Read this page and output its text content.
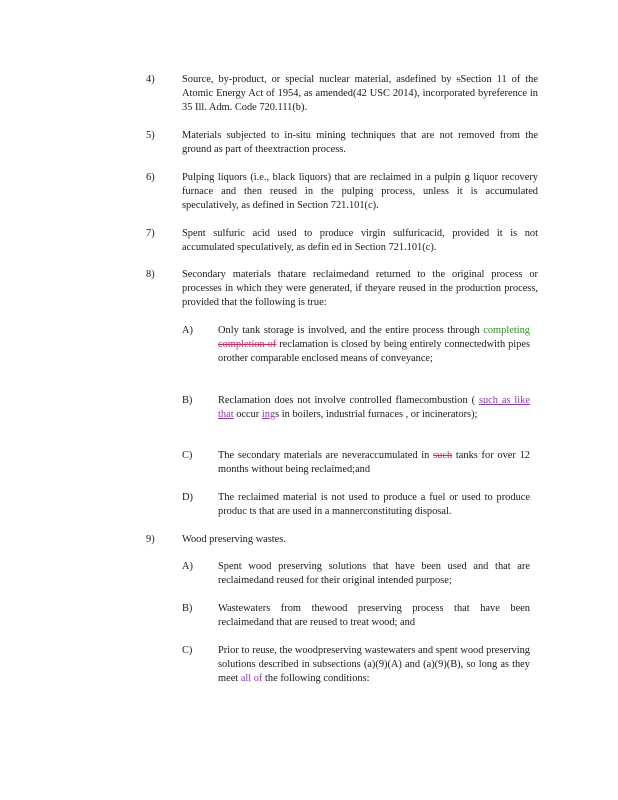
4)	Source, by-product, or special nuclear material, asdefined by sSection 11 of the Atomic Energy Act of 1954, as amended(42 USC 2014), incorporated byreference in 35 Ill. Adm. Code 720.111(b).
5)	Materials subjected to in-situ mining techniques that are not removed from the ground as part of theextraction process.
6)	Pulping liquors (i.e., black liquors) that are reclaimed in a pulpin g liquor recovery furnace and then reused in the pulping process, unless it is accumulated speculatively, as defined in Section 721.101(c).
7)	Spent sulfuric acid used to produce virgin sulfuricacid, provided it is not accumulated speculatively, as defin ed in Section 721.101(c).
8)	Secondary materials thatare reclaimedand returned to the original process or processes in which they were generated, if theyare reused in the production process, provided that the following is true:
A) Only tank storage is involved, and the entire process through completing completion of reclamation is closed by being entirely connectedwith pipes orother comparable enclosed means of conveyance;
B) Reclamation does not involve controlled flamecombustion ( such as like that occur ings in boilers, industrial furnaces , or incinerators);
C) The secondary materials are neveraccumulated in such tanks for over 12 months without being reclaimed;and
D) The reclaimed material is not used to produce a fuel or used to produce produc ts that are used in a mannerconstituting disposal.
9)	Wood preserving wastes.
A) Spent wood preserving solutions that have been used and that are reclaimedand reused for their original intended purpose;
B) Wastewaters from thewood preserving process that have been reclaimedand that are reused to treat wood; and
C) Prior to reuse, the woodpreserving wastewaters and spent wood preserving solutions described in subsections (a)(9)(A) and (a)(9)(B), so long as they meet all of the following conditions:
